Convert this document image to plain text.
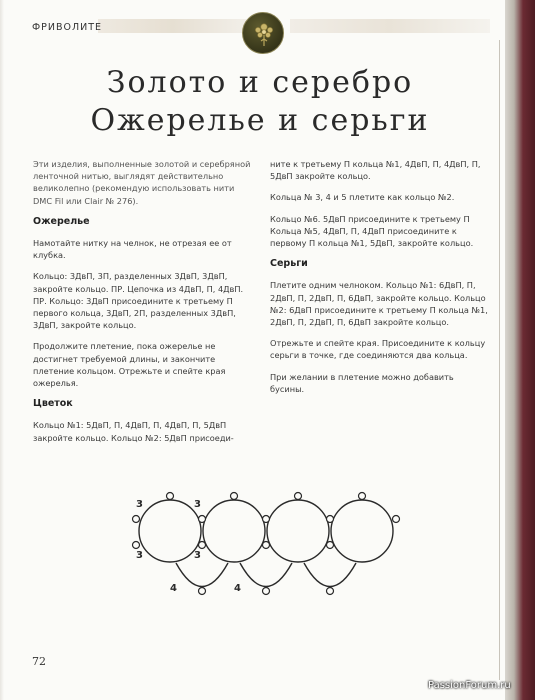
ФРИВОЛИТЕ
Золото и серебро
Ожерелье и серьги

Эти изделия, выполненные золотой и серебряной ленточной нитью, выглядят действительно великолепно (рекомендую использовать нити DMC Fil или Clair № 276).

Ожерелье

Намотайте нитку на челнок, не отрезая ее от клубка.

Кольцо: 3ДвП, 3П, разделенных 3ДвП, 3ДвП, закройте кольцо. ПР. Цепочка из 4ДвП, П, 4ДвП. ПР. Кольцо: 3ДвП присоедините к третьему П первого кольца, 3ДвП, 2П, разделенных 3ДвП, 3ДвП, закройте кольцо.

Продолжите плетение, пока ожерелье не достигнет требуемой длины, и закончите плетение кольцом. Отрежьте и спейте края ожерелья.

Цветок

Кольцо №1: 5ДвП, П, 4ДвП, П, 4ДвП, П, 5ДвП закройте кольцо. Кольцо №2: 5ДвП присоеди-

ните к третьему П кольца №1, 4ДвП, П, 4ДвП, П, 5ДвП закройте кольцо.

Кольца № 3, 4 и 5 плетите как кольцо №2.

Кольцо №6. 5ДвП присоедините к третьему П Кольца №5, 4ДвП, П, 4ДвП присоедините к первому П кольца №1, 5ДвП, закройте кольцо.

Серьги

Плетите одним челноком. Кольцо №1: 6ДвП, П, 2ДвП, П, 2ДвП, П, 6ДвП, закройте кольцо. Кольцо №2: 6ДвП присоедините к третьему П кольца №1, 2ДвП, П, 2ДвП, П, 6ДвП закройте кольцо.

Отрежьте и спейте края. Присоедините к кольцу серьги в точке, где соединяются два кольца.

При желании в плетение можно добавить бусины.

3
3
3
3
4	4
72
PassionForum.ru
